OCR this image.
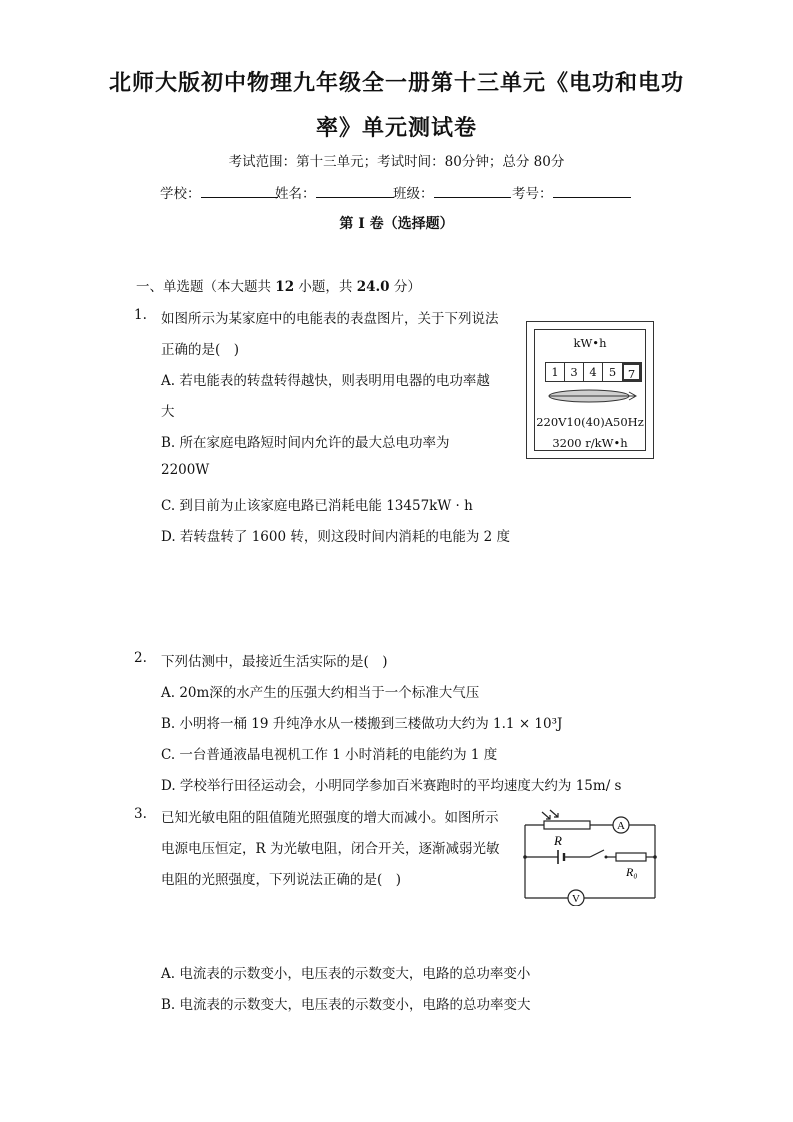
北师大版初中物理九年级全一册第十三单元《电功和电功
率》单元测试卷
考试范围：第十三单元；考试时间：80分钟；总分 80分
学校：	姓名：	班级：	考号：
第 I 卷（选择题）
一、单选题（本大题共 12 小题，共 24.0 分）
1. 如图所示为某家庭中的电能表的表盘图片，关于下列说法
正确的是(　)
A. 若电能表的转盘转得越快，则表明用电器的电功率越
大
B. 所在家庭电路短时间内允许的最大总电功率为
2200W
C. 到目前为止该家庭电路已消耗电能 13457kW · h
D. 若转盘转了 1600 转，则这段时间内消耗的电能为 2 度
kW•h
1	3	4	5	7
220V10(40)A50Hz
3200 r/kW•h
2. 下列估测中，最接近生活实际的是(　)
A. 20m深的水产生的压强大约相当于一个标准大气压
B. 小明将一桶 19 升纯净水从一楼搬到三楼做功大约为 1.1 × 10³J
C. 一台普通液晶电视机工作 1 小时消耗的电能约为 1 度
D. 学校举行田径运动会，小明同学参加百米赛跑时的平均速度大约为 15m/ s
3. 已知光敏电阻的阻值随光照强度的增大而减小。如图所示
电源电压恒定，R 为光敏电阻，闭合开关，逐渐减弱光敏
电阻的光照强度，下列说法正确的是(　)
A
R
R₀
V
A. 电流表的示数变小，电压表的示数变大，电路的总功率变小
B. 电流表的示数变大，电压表的示数变小，电路的总功率变大
